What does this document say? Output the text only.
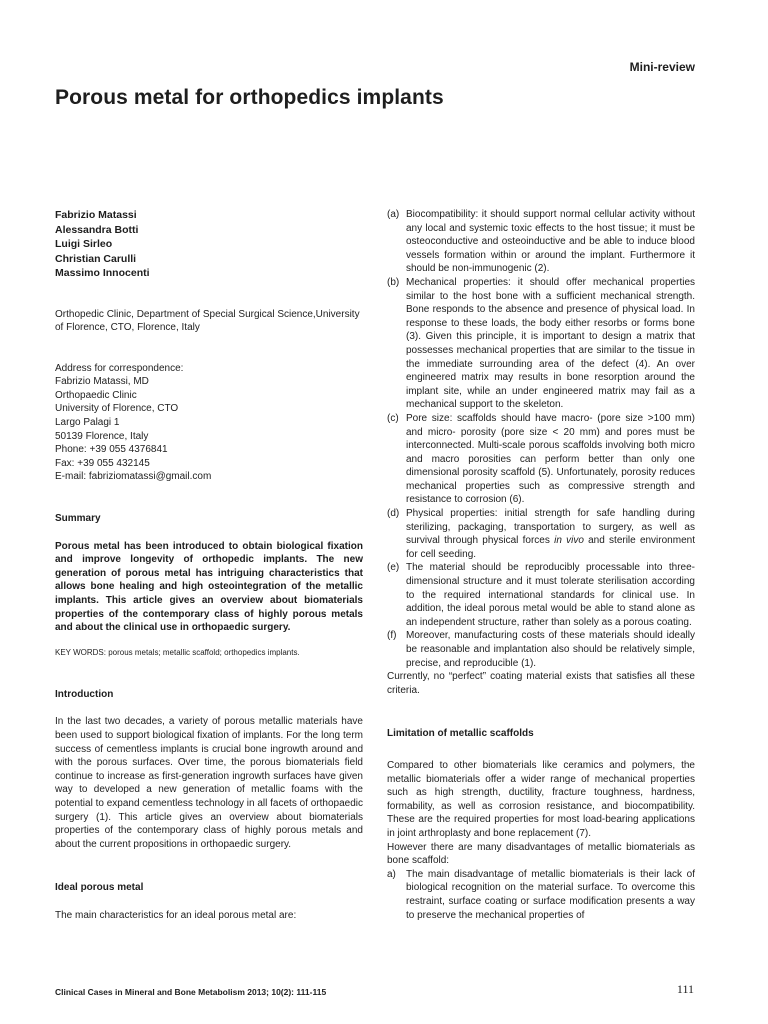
Mini-review
Porous metal for orthopedics implants
Fabrizio Matassi
Alessandra Botti
Luigi Sirleo
Christian Carulli
Massimo Innocenti
Orthopedic Clinic, Department of Special Surgical Science,University of Florence, CTO, Florence, Italy
Address for correspondence:
Fabrizio Matassi, MD
Orthopaedic Clinic
University of Florence, CTO
Largo Palagi 1
50139 Florence, Italy
Phone: +39 055 4376841
Fax: +39 055 432145
E-mail: fabriziomatassi@gmail.com
Summary
Porous metal has been introduced to obtain biological fixation and improve longevity of orthopedic implants. The new generation of porous metal has intriguing characteristics that allows bone healing and high osteointegration of the metallic implants. This article gives an overview about biomaterials properties of the contemporary class of highly porous metals and about the clinical use in orthopaedic surgery.
KEY WORDS: porous metals; metallic scaffold; orthopedics implants.
Introduction
In the last two decades, a variety of porous metallic materials have been used to support biological fixation of implants. For the long term success of cementless implants is crucial bone ingrowth around and with the porous surfaces. Over time, the porous biomaterials field continue to increase as first-generation ingrowth surfaces have given way to developed a new generation of metallic foams with the potential to expand cementless technology in all facets of orthopaedic surgery (1). This article gives an overview about biomaterials properties of the contemporary class of highly porous metals and about the current propositions in orthopaedic surgery.
Ideal porous metal
The main characteristics for an ideal porous metal are:
(a) Biocompatibility: it should support normal cellular activity without any local and systemic toxic effects to the host tissue; it must be osteoconductive and osteoinductive and be able to induce blood vessels formation within or around the implant. Furthermore it should be non-immunogenic (2).
(b) Mechanical properties: it should offer mechanical properties similar to the host bone with a sufficient mechanical strength. Bone responds to the absence and presence of physical load. In response to these loads, the body either resorbs or forms bone (3). Given this principle, it is important to design a matrix that possesses mechanical properties that are similar to the tissue in the immediate surrounding area of the defect (4). An over engineered matrix may results in bone resorption around the implant site, while an under engineered matrix may fail as a mechanical support to the skeleton.
(c) Pore size: scaffolds should have macro- (pore size >100 mm) and micro- porosity (pore size < 20 mm) and pores must be interconnected. Multi-scale porous scaffolds involving both micro and macro porosities can perform better than only one dimensional porosity scaffold (5). Unfortunately, porosity reduces mechanical properties such as compressive strength and resistance to corrosion (6).
(d) Physical properties: initial strength for safe handling during sterilizing, packaging, transportation to surgery, as well as survival through physical forces in vivo and sterile environment for cell seeding.
(e) The material should be reproducibly processable into three-dimensional structure and it must tolerate sterilisation according to the required international standards for clinical use. In addition, the ideal porous metal would be able to stand alone as an independent structure, rather than solely as a porous coating.
(f) Moreover, manufacturing costs of these materials should ideally be reasonable and implantation also should be relatively simple, precise, and reproducible (1).
Currently, no “perfect” coating material exists that satisfies all these criteria.
Limitation of metallic scaffolds
Compared to other biomaterials like ceramics and polymers, the metallic biomaterials offer a wider range of mechanical properties such as high strength, ductility, fracture toughness, hardness, formability, as well as corrosion resistance, and biocompatibility. These are the required properties for most load-bearing applications in joint arthroplasty and bone replacement (7).
However there are many disadvantages of metallic biomaterials as bone scaffold:
a) The main disadvantage of metallic biomaterials is their lack of biological recognition on the material surface. To overcome this restraint, surface coating or surface modification presents a way to preserve the mechanical properties of
Clinical Cases in Mineral and Bone Metabolism 2013; 10(2): 111-115	111
